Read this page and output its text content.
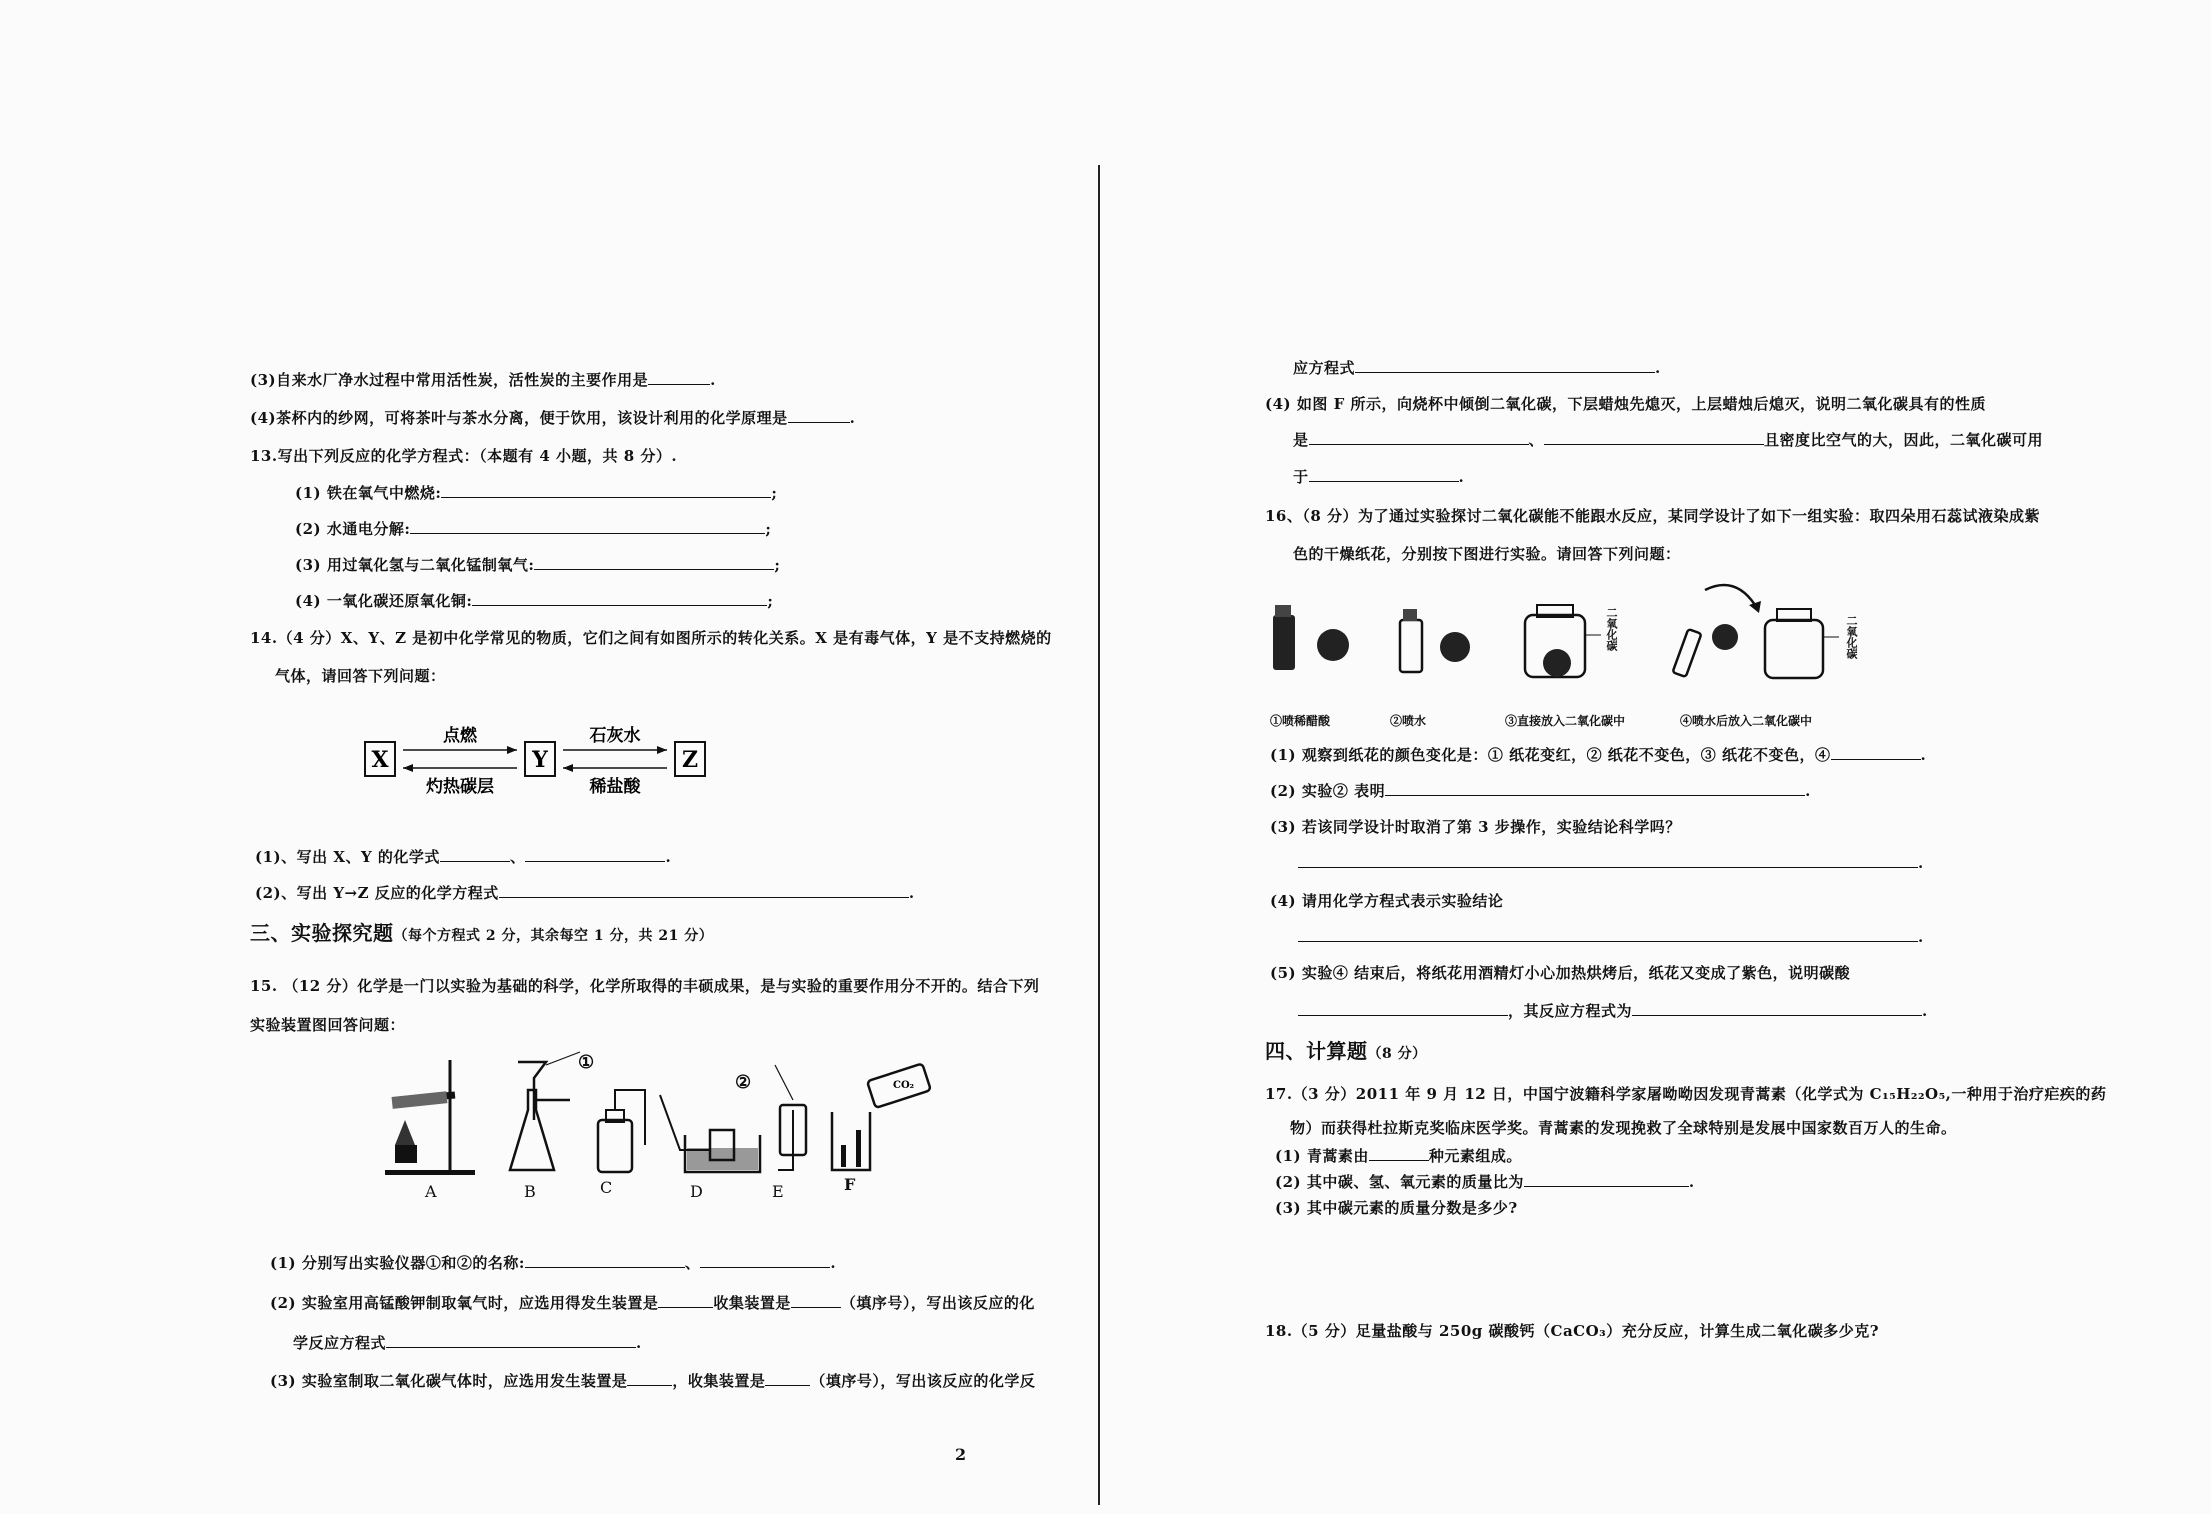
(3)自来水厂净水过程中常用活性炭，活性炭的主要作用是	.
(4)茶杯内的纱网，可将茶叶与茶水分离，便于饮用，该设计利用的化学原理是	.
13.写出下列反应的化学方程式：（本题有 4 小题，共 8 分）.
(1) 铁在氧气中燃烧:	;
(2) 水通电分解:	;
(3) 用过氧化氢与二氧化锰制氧气:	;
(4) 一氧化碳还原氧化铜:	;
14.（4 分）X、Y、Z 是初中化学常见的物质，它们之间有如图所示的转化关系。X 是有毒气体，Y 是不支持燃烧的
气体，请回答下列问题：
X	Y	Z
点燃
灼热碳层
石灰水
稀盐酸
(1)、写出 X、Y 的化学式	、	.
(2)、写出 Y→Z 反应的化学方程式	.
三、实验探究题（每个方程式 2 分，其余每空 1 分，共 21 分）
15. （12 分）化学是一门以实验为基础的科学，化学所取得的丰硕成果，是与实验的重要作用分不开的。结合下列
实验装置图回答问题：
CO₂
①
②
A	B	C	D	E	F
(1) 分别写出实验仪器①和②的名称:	、	.
(2) 实验室用高锰酸钾制取氧气时，应选用得发生装置是	收集装置是	（填序号），写出该反应的化
学反应方程式	.
(3) 实验室制取二氧化碳气体时，应选用发生装置是	，收集装置是	（填序号），写出该反应的化学反
2
应方程式	.
(4) 如图 F 所示，向烧杯中倾倒二氧化碳，下层蜡烛先熄灭，上层蜡烛后熄灭，说明二氧化碳具有的性质
是	、	且密度比空气的大，因此，二氧化碳可用
于	.
16、（8 分）为了通过实验探讨二氧化碳能不能跟水反应，某同学设计了如下一组实验：取四朵用石蕊试液染成紫
色的干燥纸花，分别按下图进行实验。请回答下列问题：
二氧化碳	二氧化碳
①喷稀醋酸	②喷水	③直接放入二氧化碳中	④喷水后放入二氧化碳中
(1) 观察到纸花的颜色变化是：① 纸花变红，② 纸花不变色，③ 纸花不变色，④	.
(2) 实验② 表明	.
(3) 若该同学设计时取消了第 3 步操作，实验结论科学吗？
.
(4) 请用化学方程式表示实验结论
.
(5) 实验④ 结束后，将纸花用酒精灯小心加热烘烤后，纸花又变成了紫色，说明碳酸
，其反应方程式为	.
四、计算题（8 分）
17.（3 分）2011 年 9 月 12 日，中国宁波籍科学家屠呦呦因发现青蒿素（化学式为 C₁₅H₂₂O₅,一种用于治疗疟疾的药
物）而获得杜拉斯克奖临床医学奖。青蒿素的发现挽救了全球特别是发展中国家数百万人的生命。
(1) 青蒿素由	种元素组成。
(2) 其中碳、氢、氧元素的质量比为	.
(3) 其中碳元素的质量分数是多少?
18.（5 分）足量盐酸与 250g 碳酸钙（CaCO₃）充分反应，计算生成二氧化碳多少克?
